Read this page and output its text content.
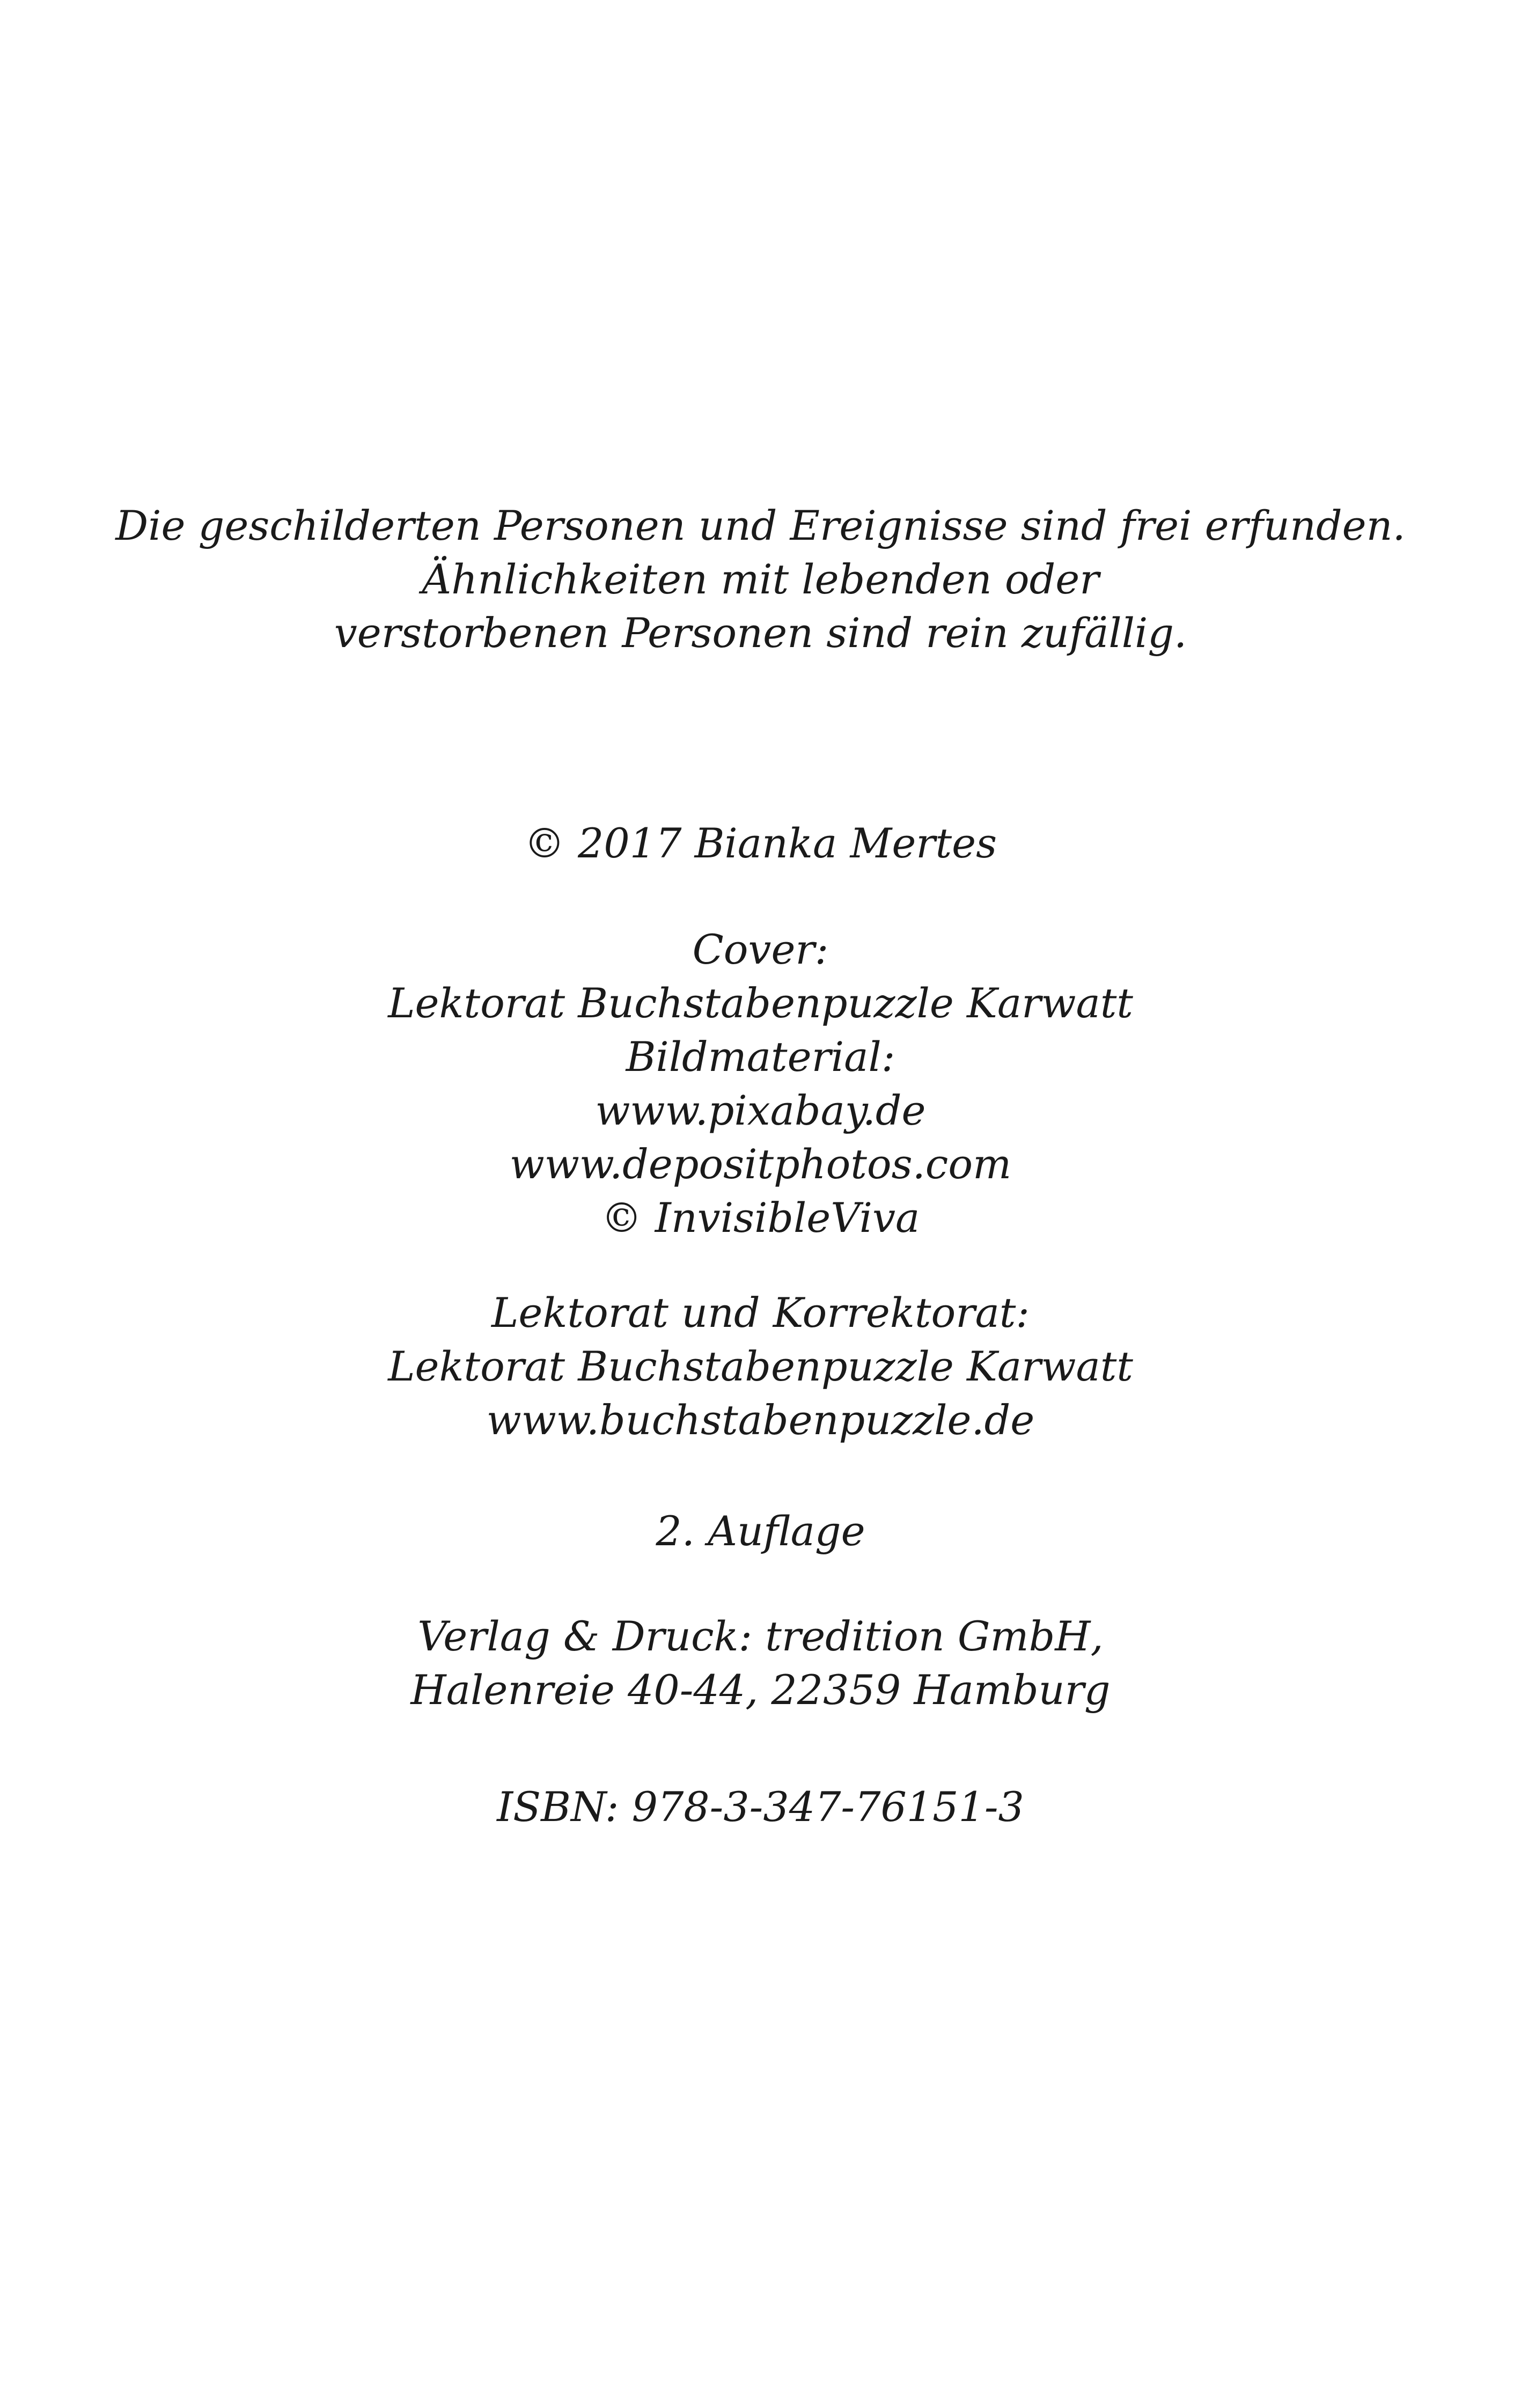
Die geschilderten Personen und Ereignisse sind frei erfunden.
Ähnlichkeiten mit lebenden oder
verstorbenen Personen sind rein zufällig.
© 2017 Bianka Mertes
Cover:
Lektorat Buchstabenpuzzle Karwatt
Bildmaterial:
www.pixabay.de
www.depositphotos.com
© InvisibleViva
Lektorat und Korrektorat:
Lektorat Buchstabenpuzzle Karwatt
www.buchstabenpuzzle.de
2. Auflage
Verlag & Druck: tredition GmbH,
Halenreie 40-44, 22359 Hamburg
ISBN: 978-3-347-76151-3
